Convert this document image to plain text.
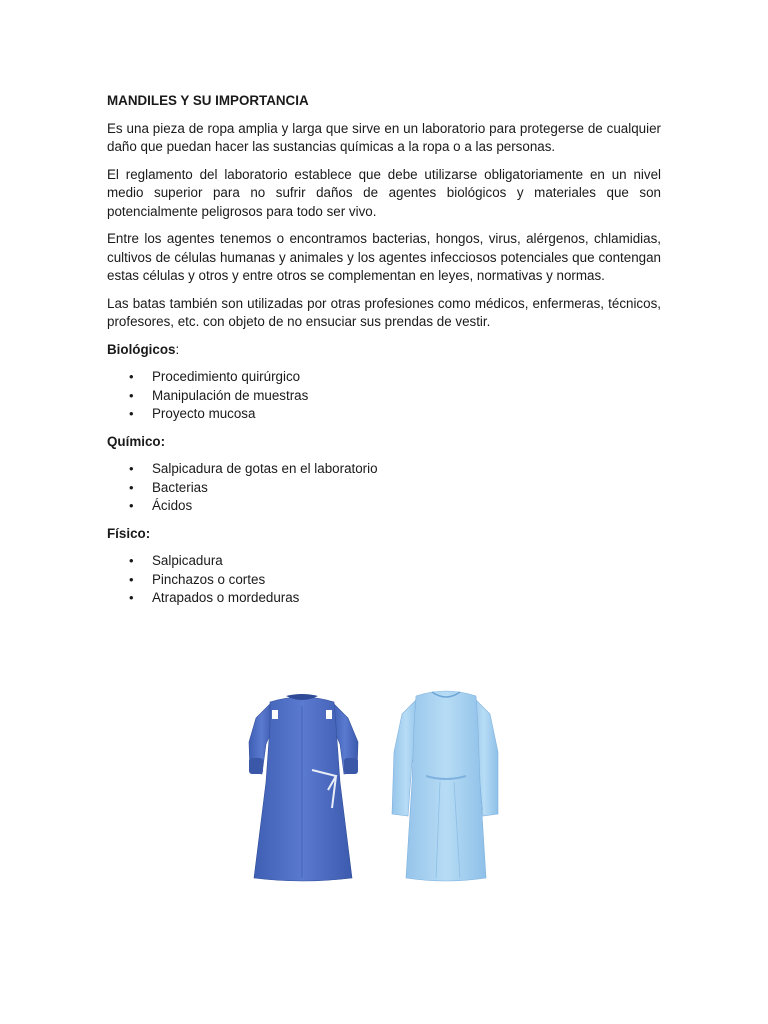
MANDILES Y SU IMPORTANCIA

Es una pieza de ropa amplia y larga que sirve en un laboratorio para protegerse de cualquier daño que puedan hacer las sustancias químicas a la ropa o a las personas.

El reglamento del laboratorio establece que debe utilizarse obligatoriamente en un nivel medio superior para no sufrir daños de agentes biológicos y materiales que son potencialmente peligrosos para todo ser vivo.

Entre los agentes tenemos o encontramos bacterias, hongos, virus, alérgenos, chlamidias, cultivos de células humanas y animales y los agentes infecciosos potenciales que contengan estas células y otros y entre otros se complementan en leyes, normativas y normas.

Las batas también son utilizadas por otras profesiones como médicos, enfermeras, técnicos, profesores, etc. con objeto de no ensuciar sus prendas de vestir.

Biológicos:
• Procedimiento quirúrgico
• Manipulación de muestras
• Proyecto mucosa
Químico:
• Salpicadura de gotas en el laboratorio
• Bacterias
• Ácidos
Físico:
• Salpicadura
• Pinchazos o cortes
• Atrapados o mordeduras
